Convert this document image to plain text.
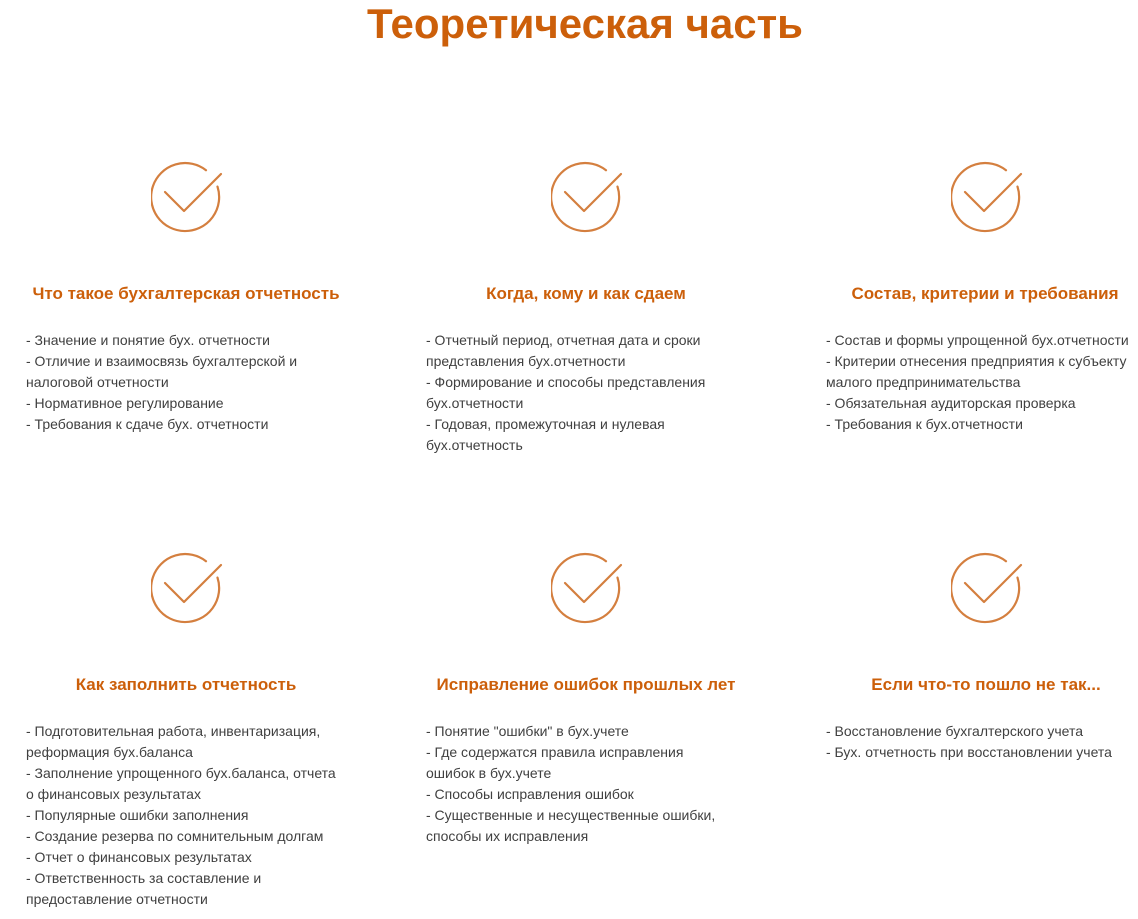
Теоретическая часть
Что такое бухгалтерская отчетность
- Значение и понятие бух. отчетности
- Отличие и взаимосвязь бухгалтерской и налоговой отчетности
- Нормативное регулирование
- Требования к сдаче бух. отчетности
Когда, кому и как сдаем
- Отчетный период, отчетная дата и сроки представления бух.отчетности
- Формирование и способы представления бух.отчетности
- Годовая, промежуточная и нулевая бух.отчетность
Состав, критерии и требования
- Состав и формы упрощенной бух.отчетности
- Критерии отнесения предприятия к субъекту малого предпринимательства
- Обязательная аудиторская проверка
- Требования к бух.отчетности
Как заполнить отчетность
- Подготовительная работа, инвентаризация, реформация бух.баланса
- Заполнение упрощенного бух.баланса, отчета о финансовых результатах
- Популярные ошибки заполнения
- Создание резерва по сомнительным долгам
- Отчет о финансовых результатах
- Ответственность за составление и предоставление отчетности
Исправление ошибок прошлых лет
- Понятие "ошибки" в бух.учете
- Где содержатся правила исправления ошибок в бух.учете
- Способы исправления ошибок
- Существенные и несущественные ошибки, способы их исправления
Если что-то пошло не так...
- Восстановление бухгалтерского учета
- Бух. отчетность при восстановлении учета
